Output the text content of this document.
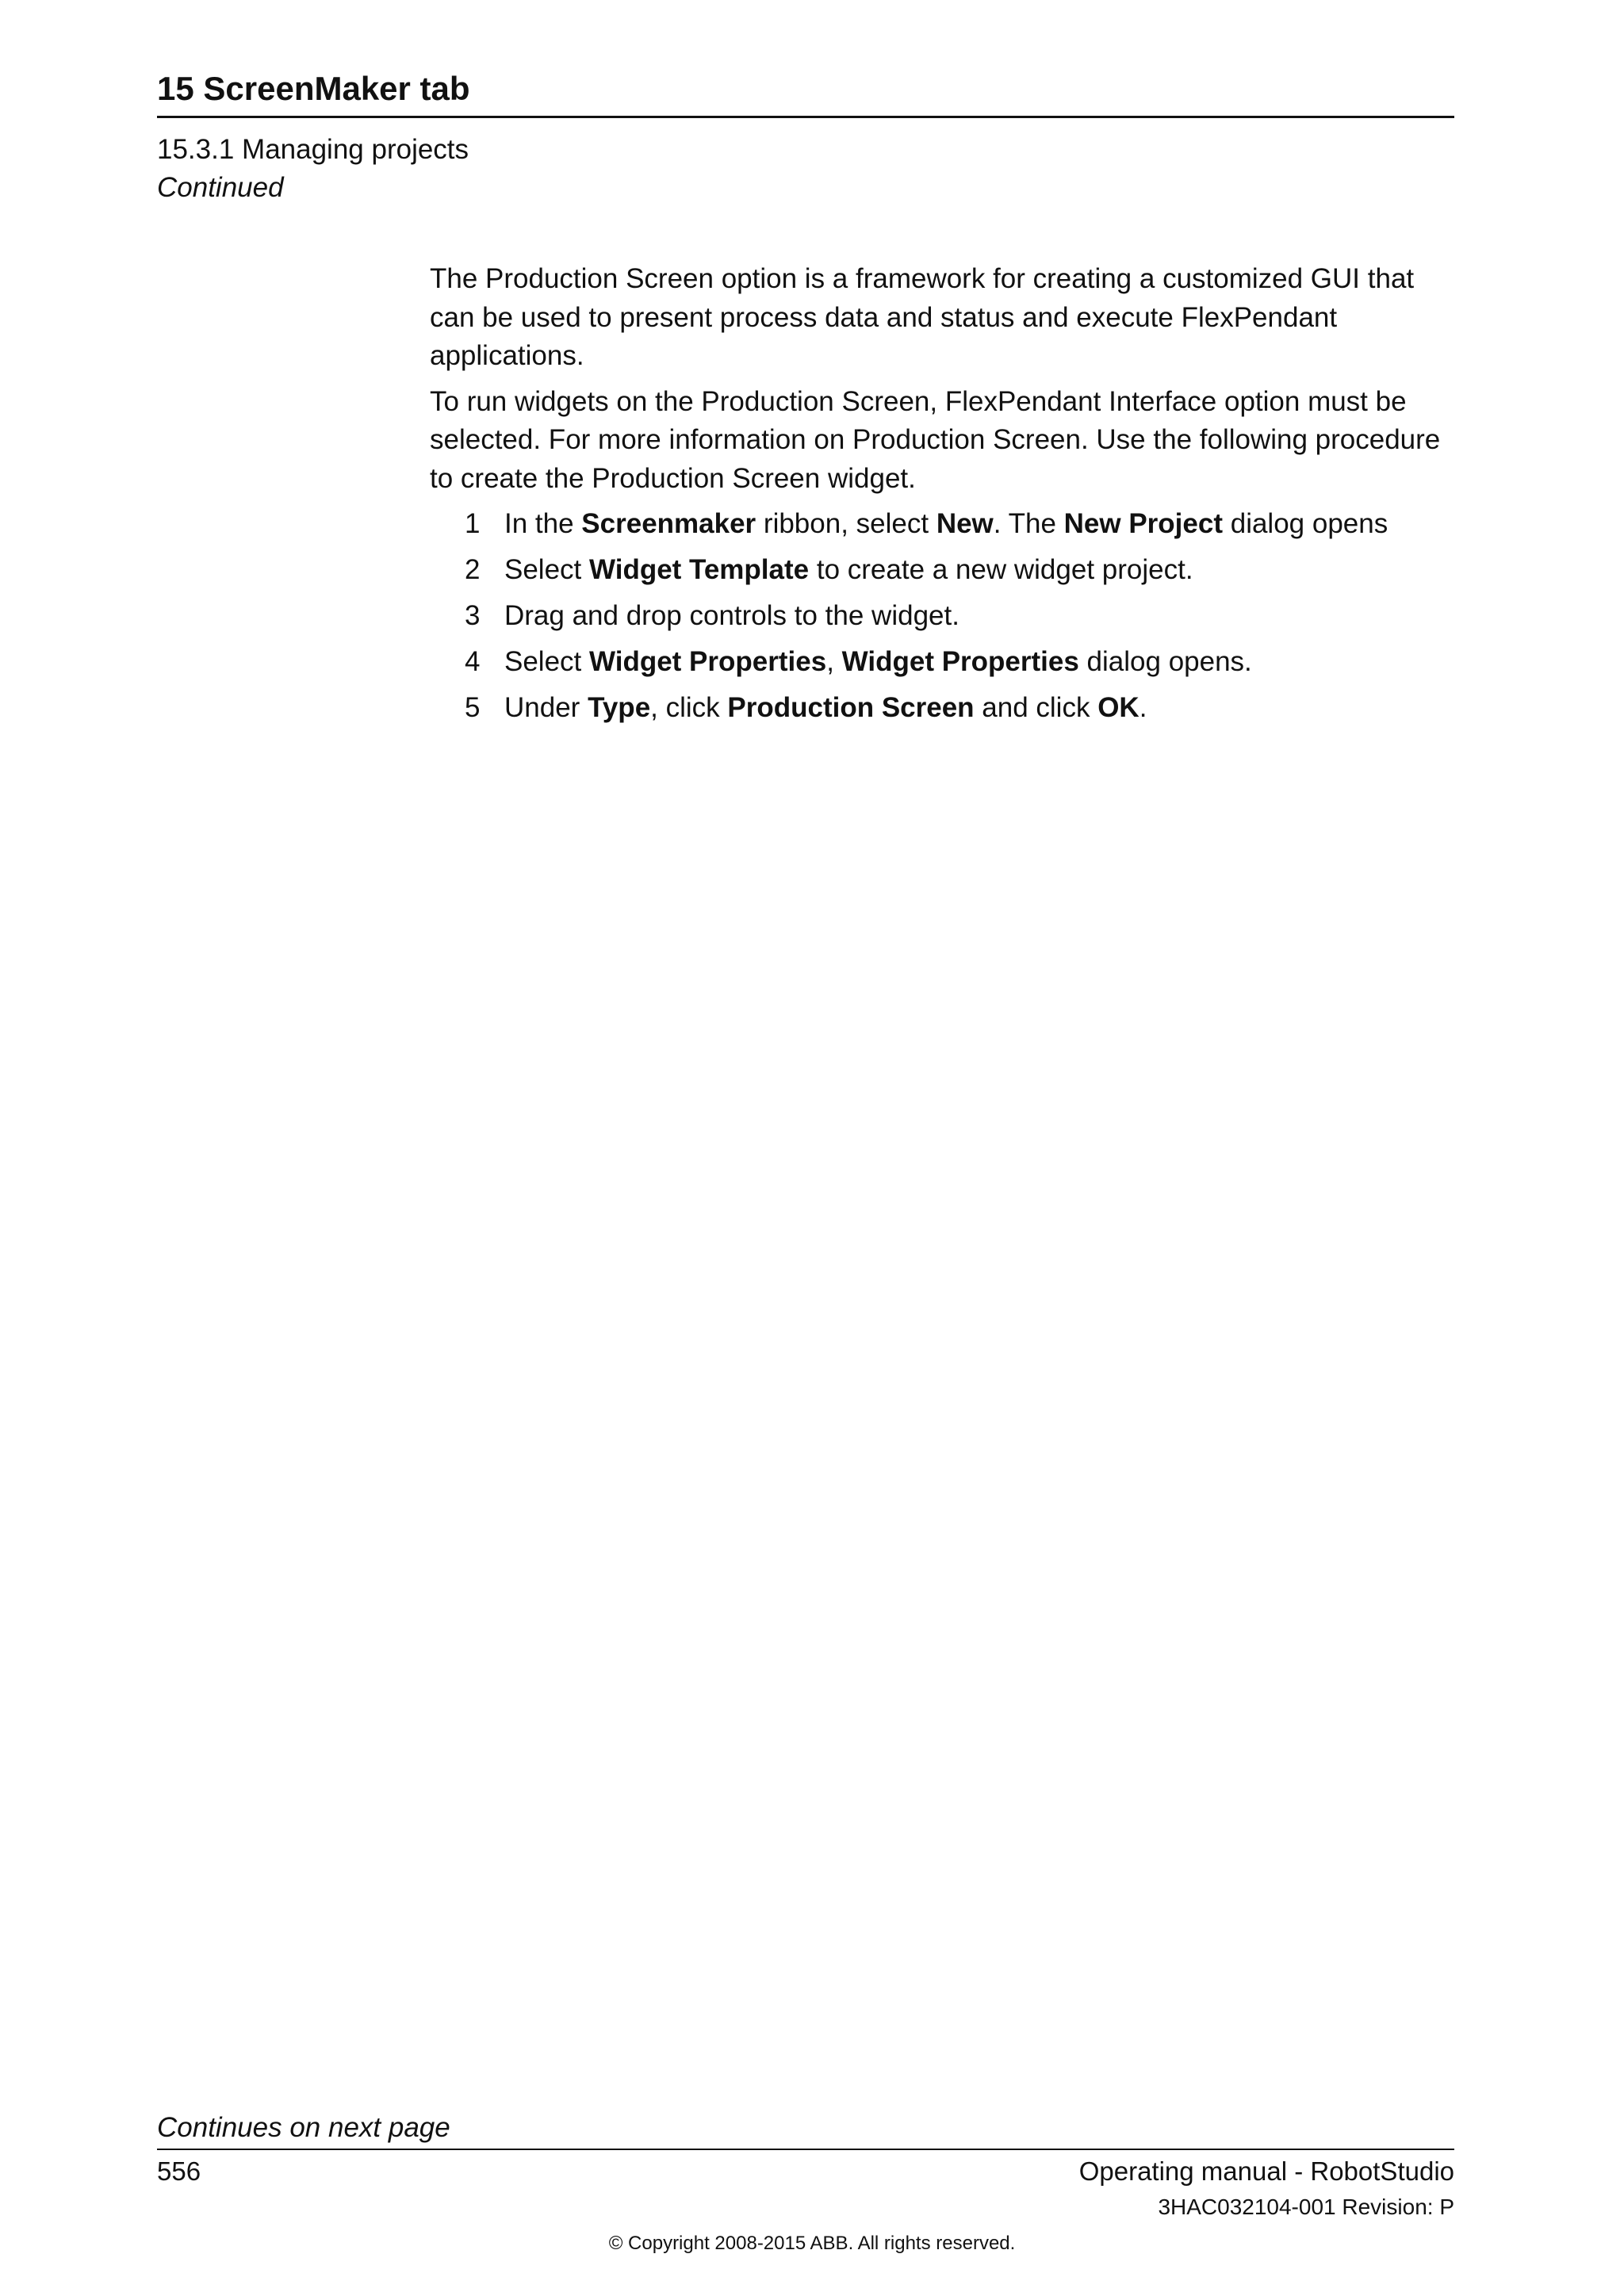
15 ScreenMaker tab
15.3.1 Managing projects
Continued

The Production Screen option is a framework for creating a customized GUI that can be used to present process data and status and execute FlexPendant applications.

To run widgets on the Production Screen, FlexPendant Interface option must be selected. For more information on Production Screen. Use the following procedure to create the Production Screen widget.

1 In the Screenmaker ribbon, select New. The New Project dialog opens
2 Select Widget Template to create a new widget project.
3 Drag and drop controls to the widget.
4 Select Widget Properties, Widget Properties dialog opens.
5 Under Type, click Production Screen and click OK.
Continues on next page
556	Operating manual - RobotStudio
3HAC032104-001 Revision: P
© Copyright 2008-2015 ABB. All rights reserved.
